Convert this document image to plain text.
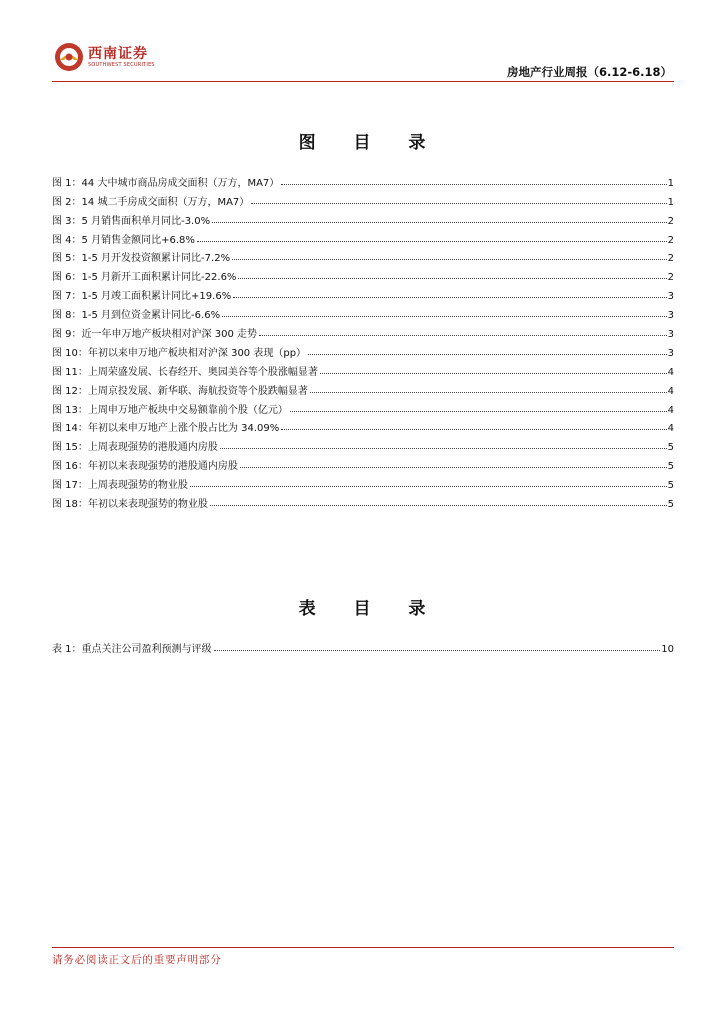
西南证券
SOUTHWEST SECURITIES	房地产行业周报（6.12-6.18）
图 目 录
图 1：44 大中城市商品房成交面积（万方，MA7）	1
图 2：14 城二手房成交面积（万方，MA7）	1
图 3：5 月销售面积单月同比-3.0%	2
图 4：5 月销售金额同比+6.8%	2
图 5：1-5 月开发投资额累计同比-7.2%	2
图 6：1-5 月新开工面积累计同比-22.6%	2
图 7：1-5 月竣工面积累计同比+19.6%	3
图 8：1-5 月到位资金累计同比-6.6%	3
图 9：近一年申万地产板块相对沪深 300 走势	3
图 10：年初以来申万地产板块相对沪深 300 表现（pp）	3
图 11：上周荣盛发展、长春经开、奥园美谷等个股涨幅显著	4
图 12：上周京投发展、新华联、海航投资等个股跌幅显著	4
图 13：上周申万地产板块中交易额靠前个股（亿元）	4
图 14：年初以来申万地产上涨个股占比为 34.09%	4
图 15：上周表现强势的港股通内房股	5
图 16：年初以来表现强势的港股通内房股	5
图 17：上周表现强势的物业股	5
图 18：年初以来表现强势的物业股	5
表 目 录
表 1：重点关注公司盈利预测与评级	10
请务必阅读正文后的重要声明部分
